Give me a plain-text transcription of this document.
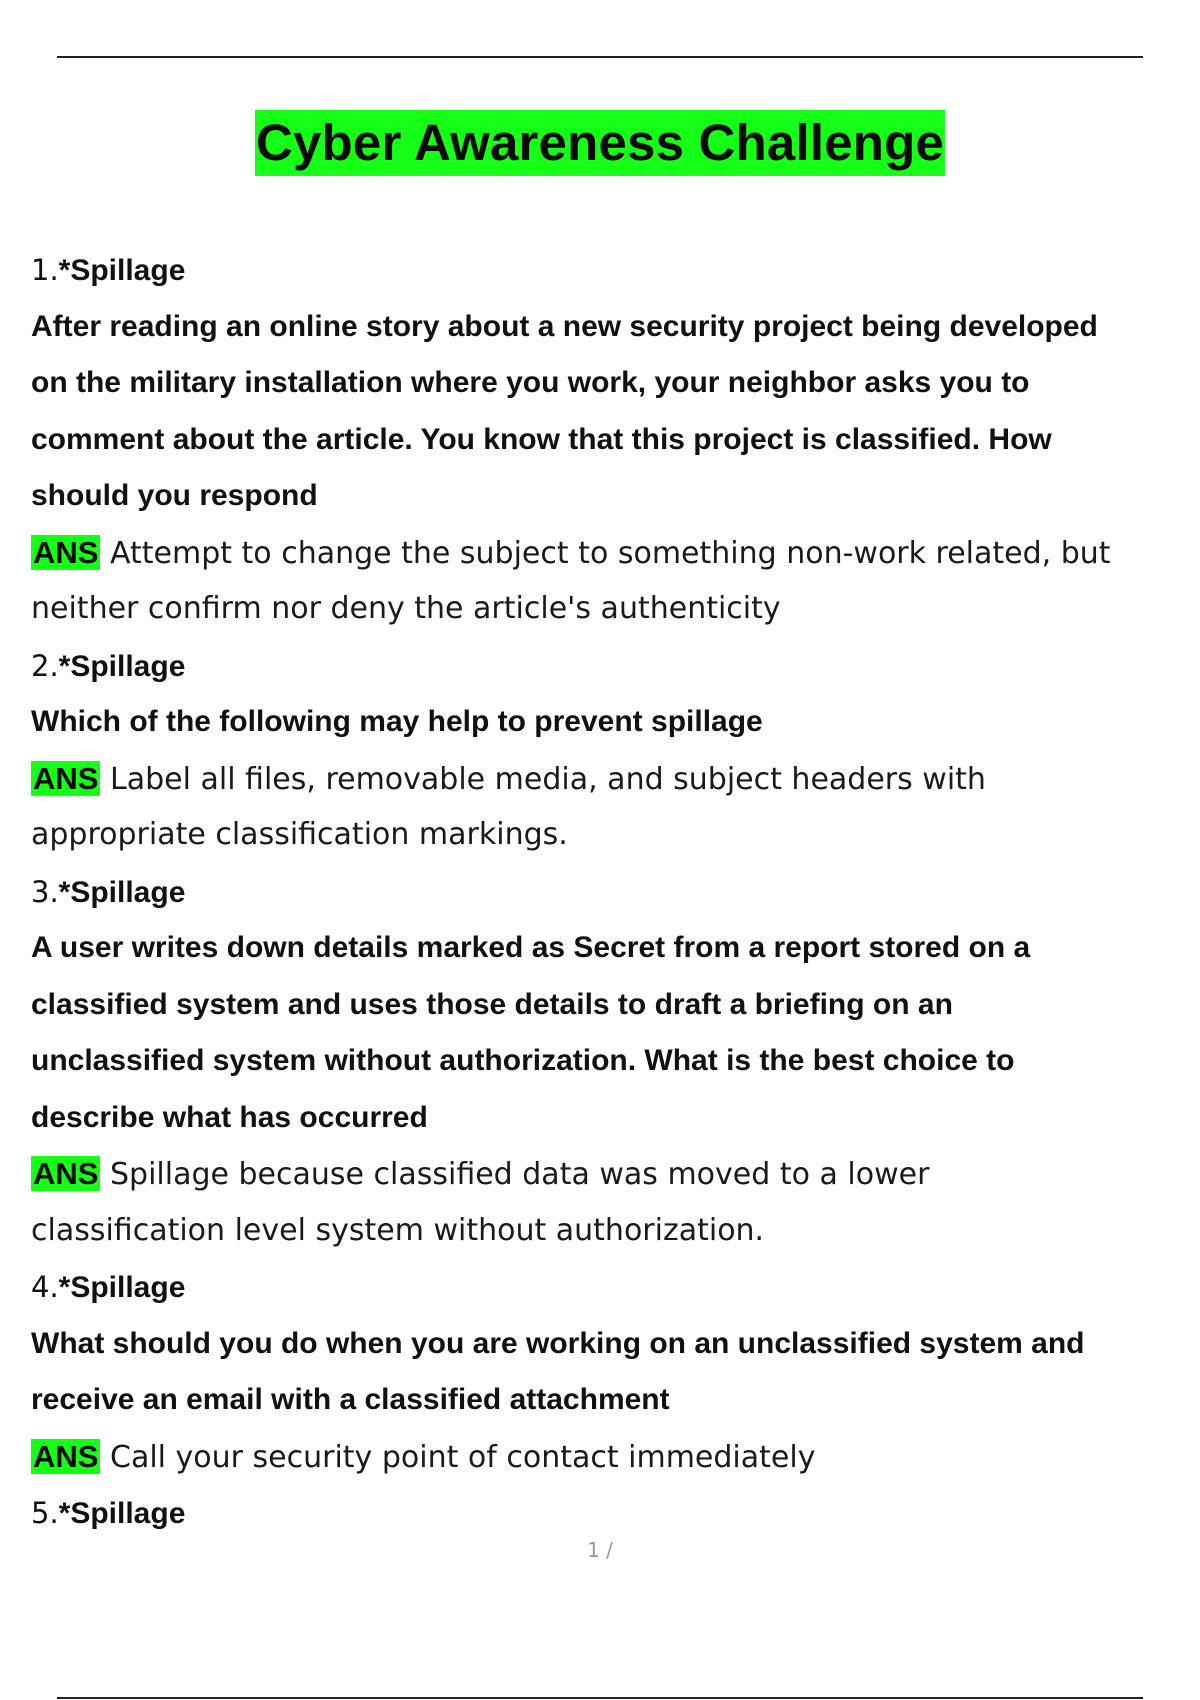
Cyber Awareness Challenge
1.*Spillage
After reading an online story about a new security project being developed
on the military installation where you work, your neighbor asks you to
comment about the article. You know that this project is classified. How
should you respond
ANS Attempt to change the subject to something non-work related, but
neither confirm nor deny the article's authenticity
2.*Spillage
Which of the following may help to prevent spillage
ANS Label all files, removable media, and subject headers with
appropriate classification markings.
3.*Spillage
A user writes down details marked as Secret from a report stored on a
classified system and uses those details to draft a briefing on an
unclassified system without authorization. What is the best choice to
describe what has occurred
ANS Spillage because classified data was moved to a lower
classification level system without authorization.
4.*Spillage
What should you do when you are working on an unclassified system and
receive an email with a classified attachment
ANS Call your security point of contact immediately
5.*Spillage
1 /
